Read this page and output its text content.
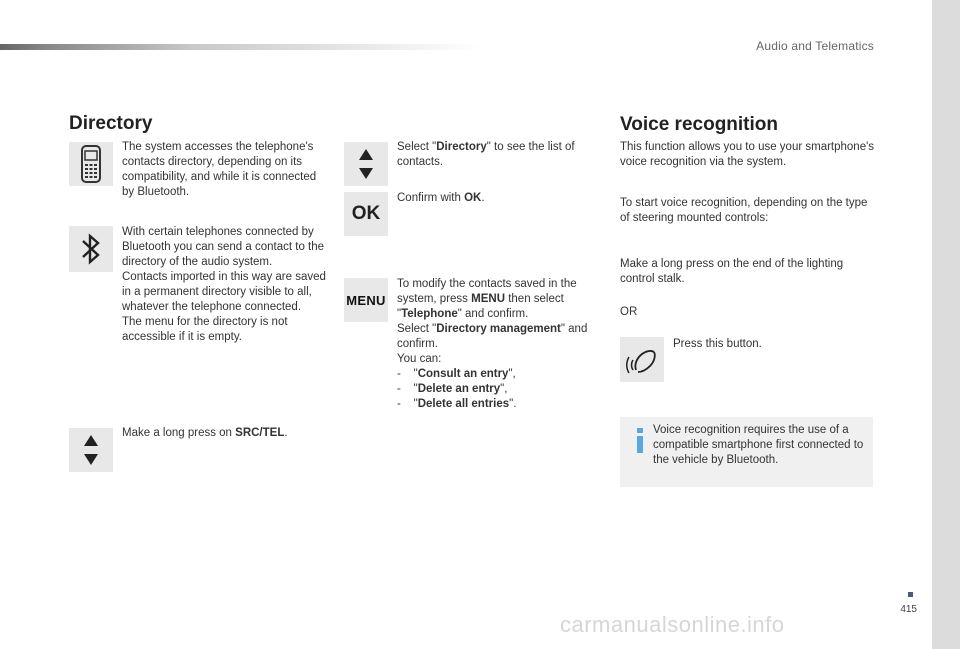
Audio and Telematics
Directory
The system accesses the telephone's contacts directory, depending on its compatibility, and while it is connected by Bluetooth.
With certain telephones connected by Bluetooth you can send a contact to the directory of the audio system.
Contacts imported in this way are saved in a permanent directory visible to all, whatever the telephone connected.
The menu for the directory is not accessible if it is empty.
Make a long press on SRC/TEL.
Select "Directory" to see the list of contacts.
OK
Confirm with OK.
MENU
To modify the contacts saved in the system, press MENU then select "Telephone" and confirm.
Select "Directory management" and confirm.
You can:
-    "Consult an entry",
-    "Delete an entry",
-    "Delete all entries".
Voice recognition
This function allows you to use your smartphone's voice recognition via the system.
To start voice recognition, depending on the type of steering mounted controls:
Make a long press on the end of the lighting control stalk.
OR
Press this button.
Voice recognition requires the use of a compatible smartphone first connected to the vehicle by Bluetooth.
415
carmanualsonline.info
